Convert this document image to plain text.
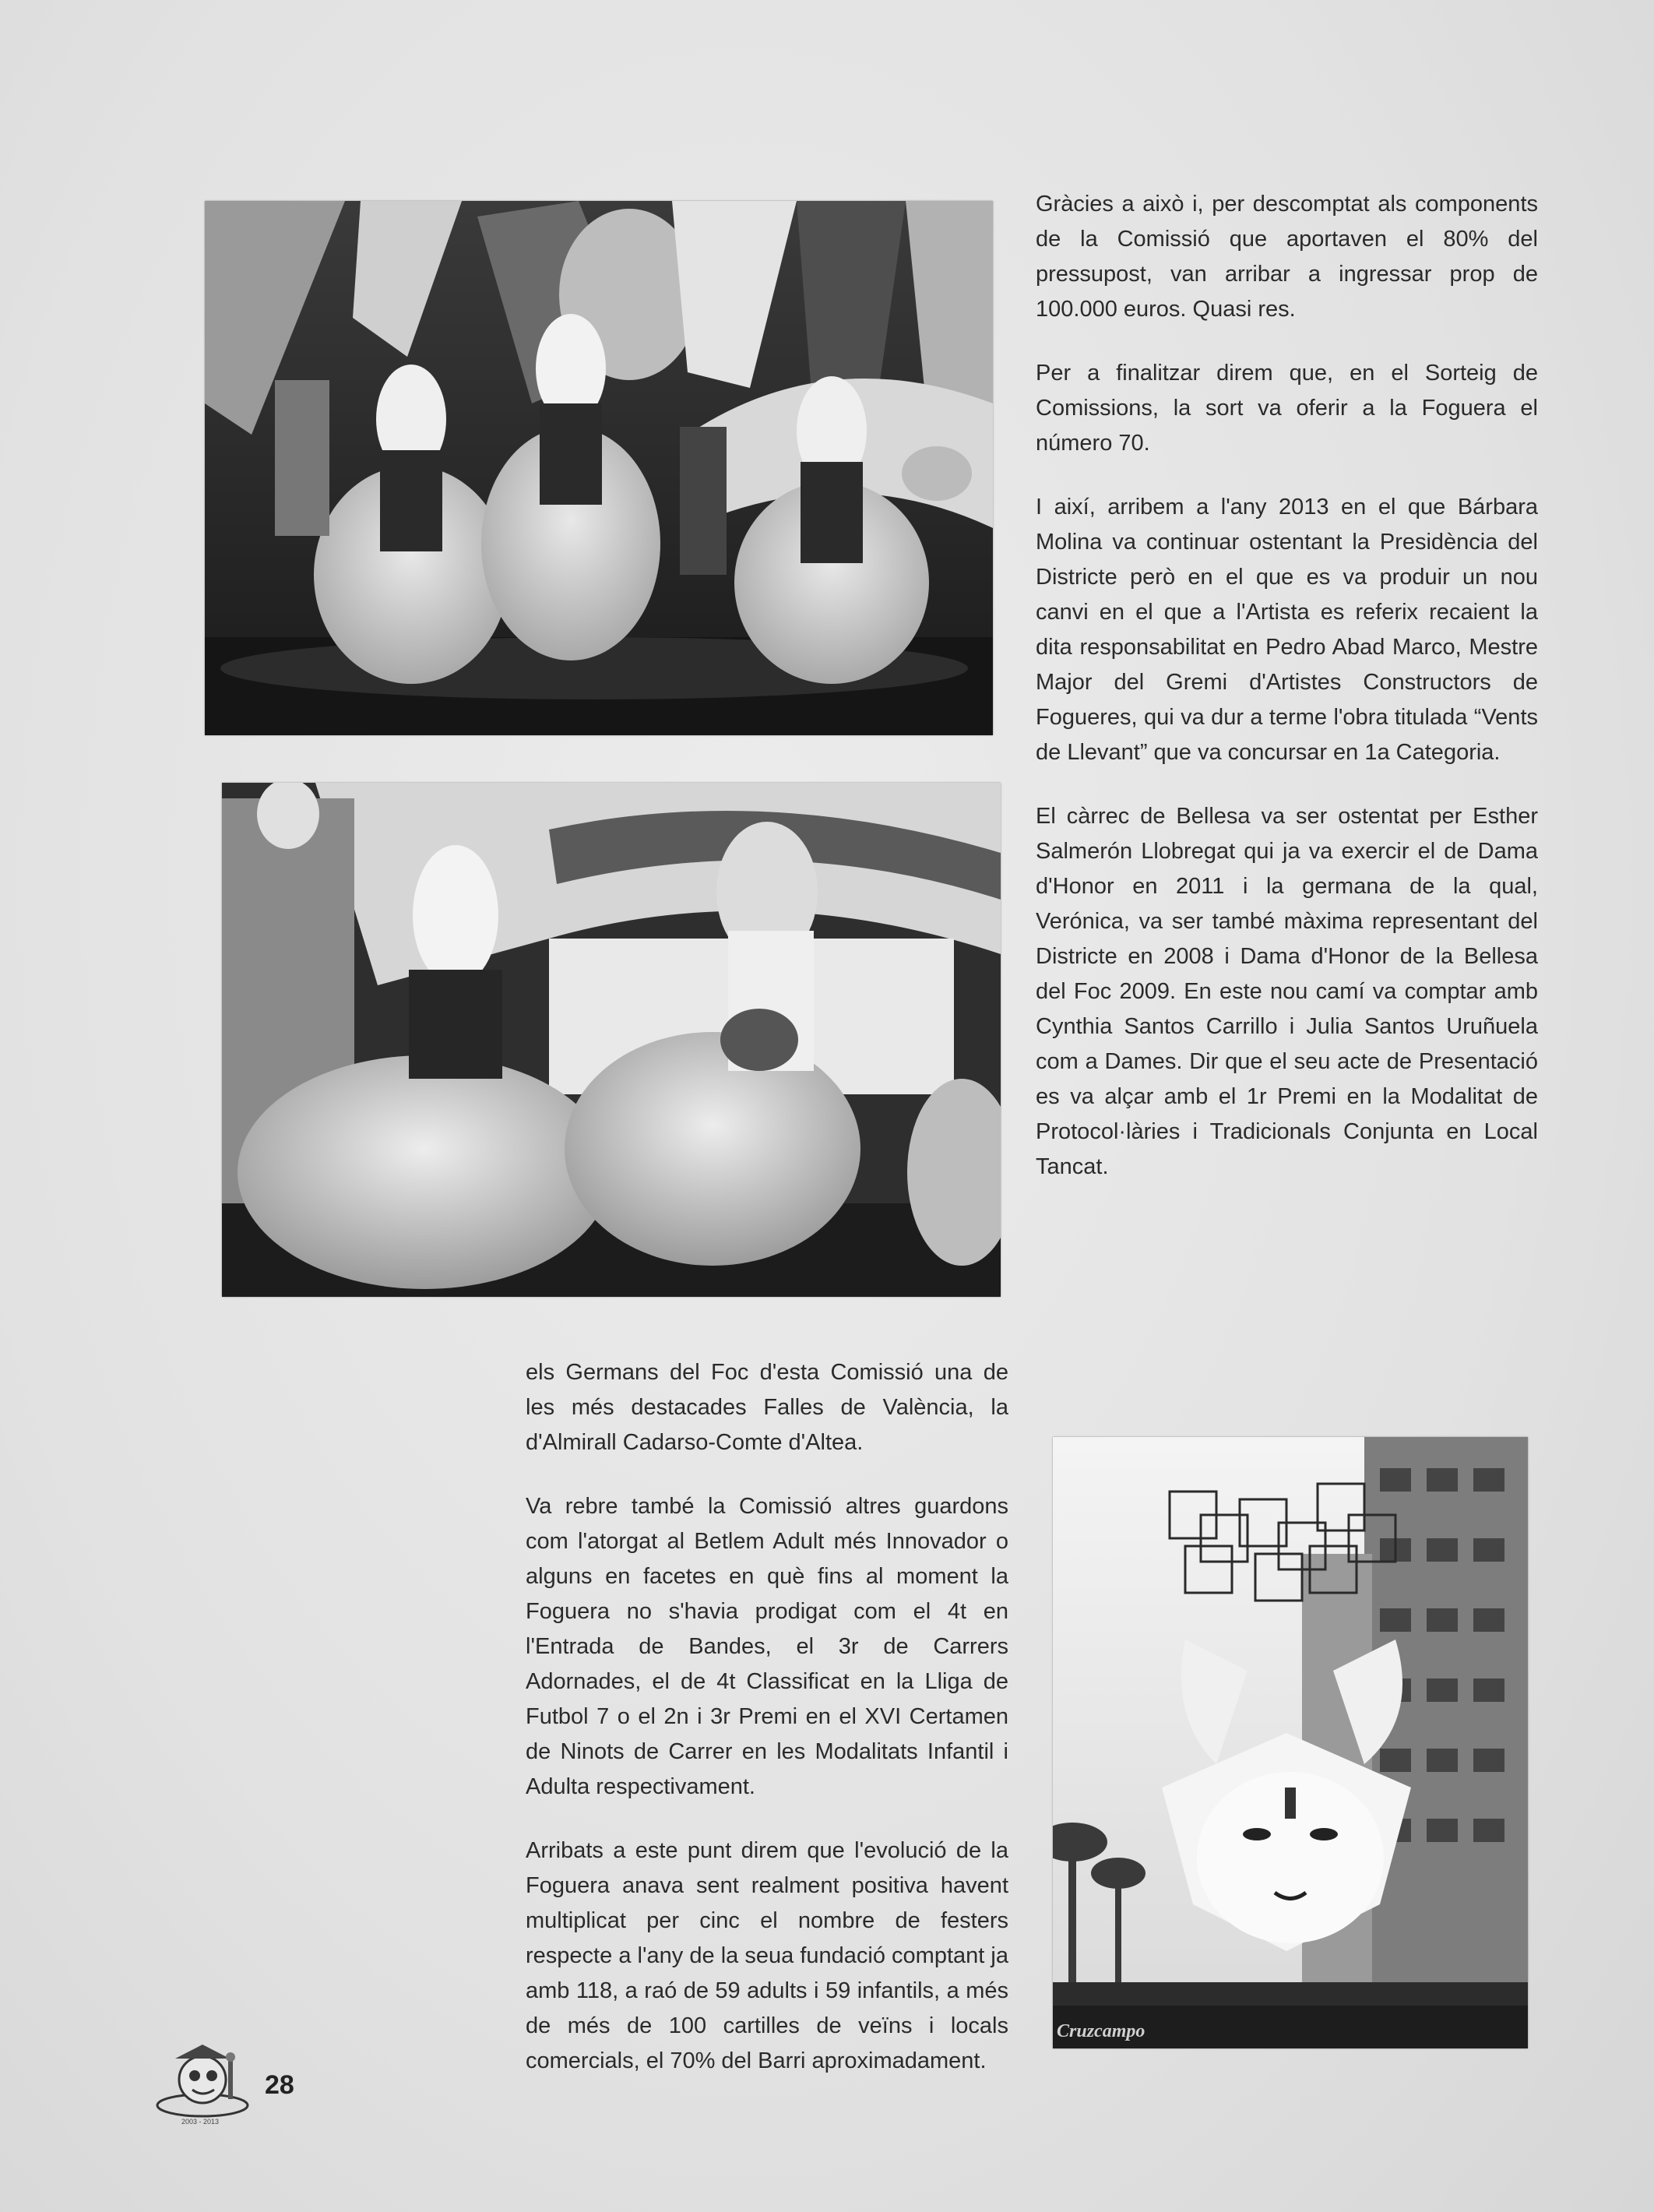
Cruzcampo

Gràcies a això i, per descomptat als components de la Comissió que aportaven el 80% del pressupost, van arribar a ingressar prop de 100.000 euros. Quasi res.

Per a finalitzar direm que, en el Sorteig de Comissions, la sort va oferir a la Foguera el número 70.

I així, arribem a l'any 2013 en el que Bárbara Molina va continuar ostentant la Presidència del Districte però en el que es va produir un nou canvi en el que a l'Artista es referix recaient la dita responsabilitat en Pedro Abad Marco, Mestre Major del Gremi d'Artistes Constructors de Fogueres, qui va dur a terme l'obra titulada “Vents de Llevant” que va concursar en 1a Categoria.

El càrrec de Bellesa va ser ostentat per Esther Salmerón Llobregat qui ja va exercir el de Dama d'Honor en 2011 i la germana de la qual, Verónica, va ser també màxima representant del Districte en 2008 i Dama d'Honor de la Bellesa del Foc 2009. En este nou camí va comptar amb Cynthia Santos Carrillo i Julia Santos Uruñuela com a Dames. Dir que el seu acte de Presentació es va alçar amb el 1r Premi en la Modalitat de Protocol·làries i Tradicionals Conjunta en Local Tancat.

els Germans del Foc d'esta Comissió una de les més destacades Falles de València, la d'Almirall Cadarso-Comte d'Altea.

Va rebre també la Comissió altres guardons com l'atorgat al Betlem Adult més Innovador o alguns en facetes en què fins al moment la Foguera no s'havia prodigat com el 4t en l'Entrada de Bandes, el 3r de Carrers Adornades, el de 4t Classificat en la Lliga de Futbol 7 o el 2n i 3r Premi en el XVI Certamen de Ninots de Carrer en les Modalitats Infantil i Adulta respectivament.

Arribats a este punt direm que l'evolució de la Foguera anava sent realment positiva havent multiplicat per cinc el nombre de festers respecte a l'any de la seua fundació comptant ja amb 118, a raó de 59 adults i 59 infantils, a més de més de 100 cartilles de veïns i locals comercials, el 70% del Barri aproximadament.

2003 - 2013
28
